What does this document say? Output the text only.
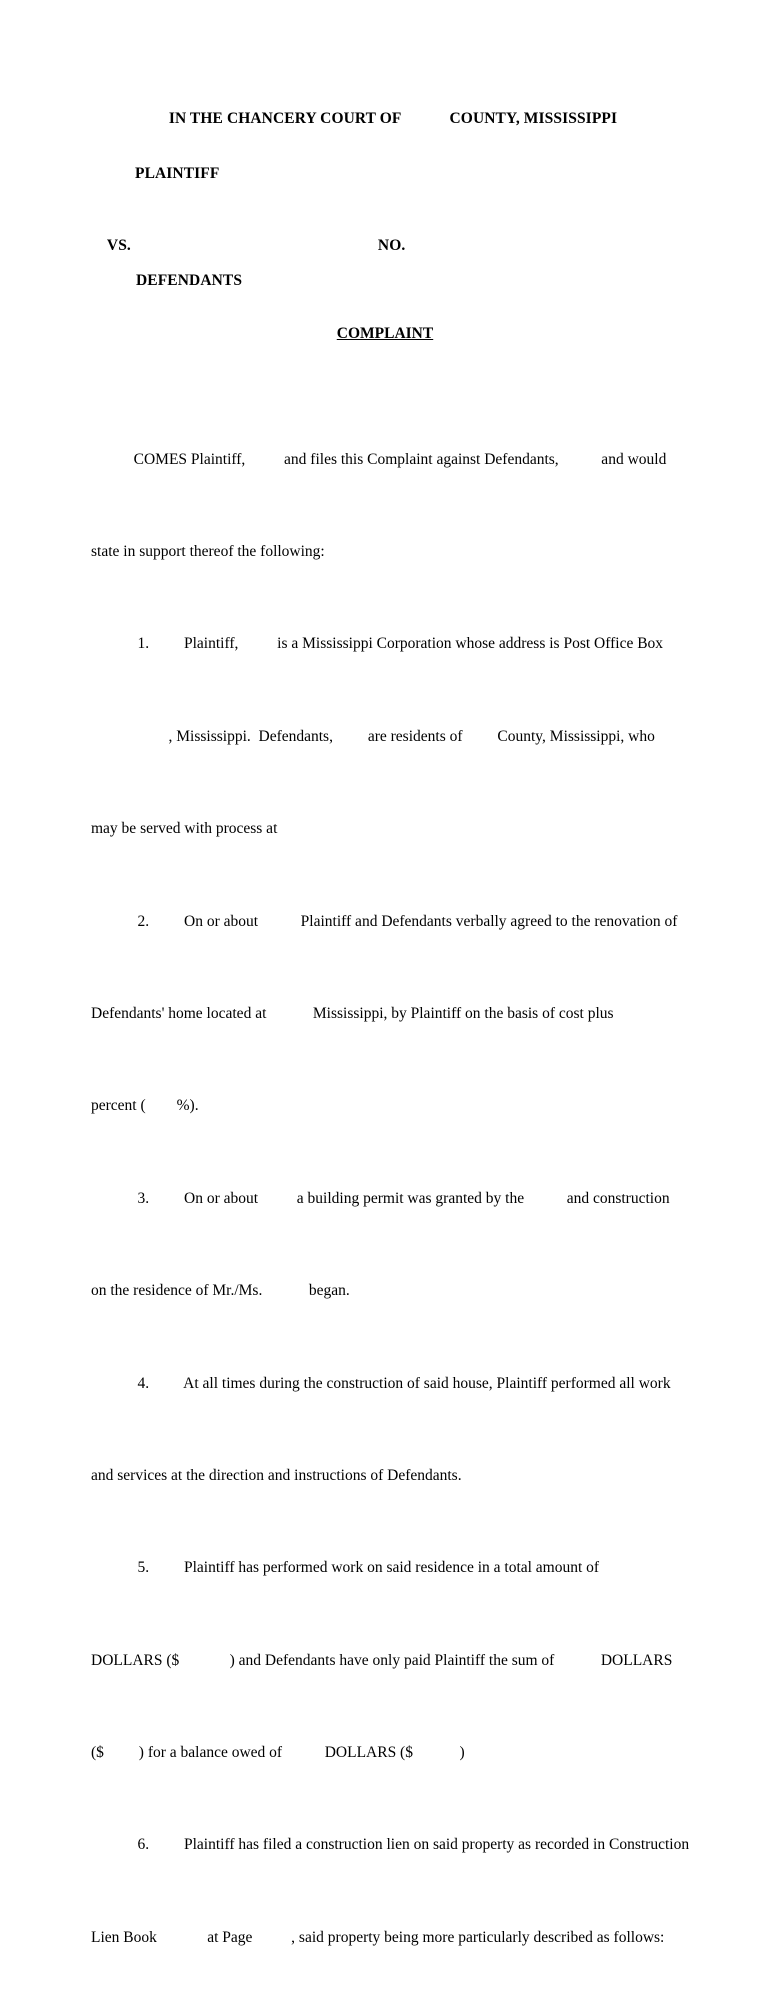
IN THE CHANCERY COURT OF	COUNTY, MISSISSIPPI

PLAINTIFF

VS.	NO.

DEFENDANTS
COMPLAINT

COMES Plaintiff,          and files this Complaint against Defendants,           and would

state in support thereof the following:

1.         Plaintiff,          is a Mississippi Corporation whose address is Post Office Box

, Mississippi.  Defendants,         are residents of         County, Mississippi, who

may be served with process at

2.         On or about           Plaintiff and Defendants verbally agreed to the renovation of

Defendants' home located at            Mississippi, by Plaintiff on the basis of cost plus

percent (        %).

3.         On or about          a building permit was granted by the           and construction

on the residence of Mr./Ms.            began.

4.         At all times during the construction of said house, Plaintiff performed all work

and services at the direction and instructions of Defendants.

5.         Plaintiff has performed work on said residence in a total amount of

DOLLARS ($             ) and Defendants have only paid Plaintiff the sum of            DOLLARS

($         ) for a balance owed of           DOLLARS ($            )

6.         Plaintiff has filed a construction lien on said property as recorded in Construction

Lien Book             at Page          , said property being more particularly described as follows:
